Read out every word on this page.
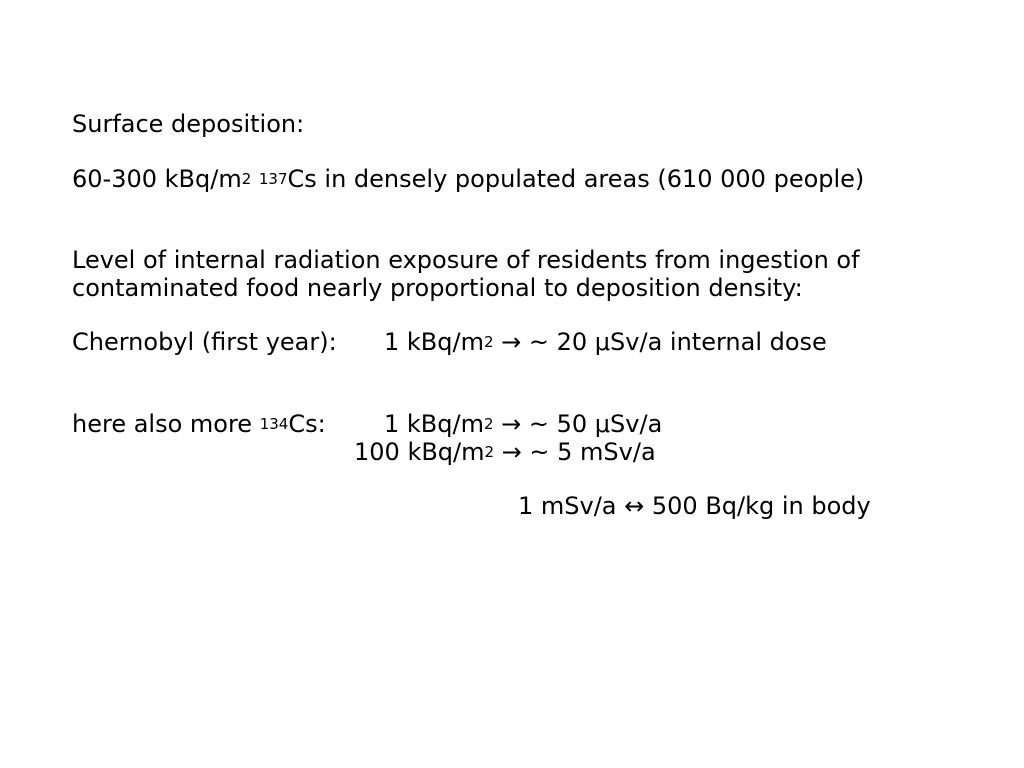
Surface deposition:
60-300 kBq/$m^2$ $^{137}$Cs in densely populated areas (610 000 people)
Level of internal radiation exposure of residents from ingestion of
contaminated food nearly proportional to deposition density:
Chernobyl (first year): 1 kBq/$m^2$ → ~ 20 μSv/a internal dose
here also more $^{134}$Cs: 1 kBq/$m^2$ → ~ 50 μSv/a
100 kBq/$m^2$ → ~ 5 mSv/a
1 mSv/a ↔ 500 Bq/kg in body
